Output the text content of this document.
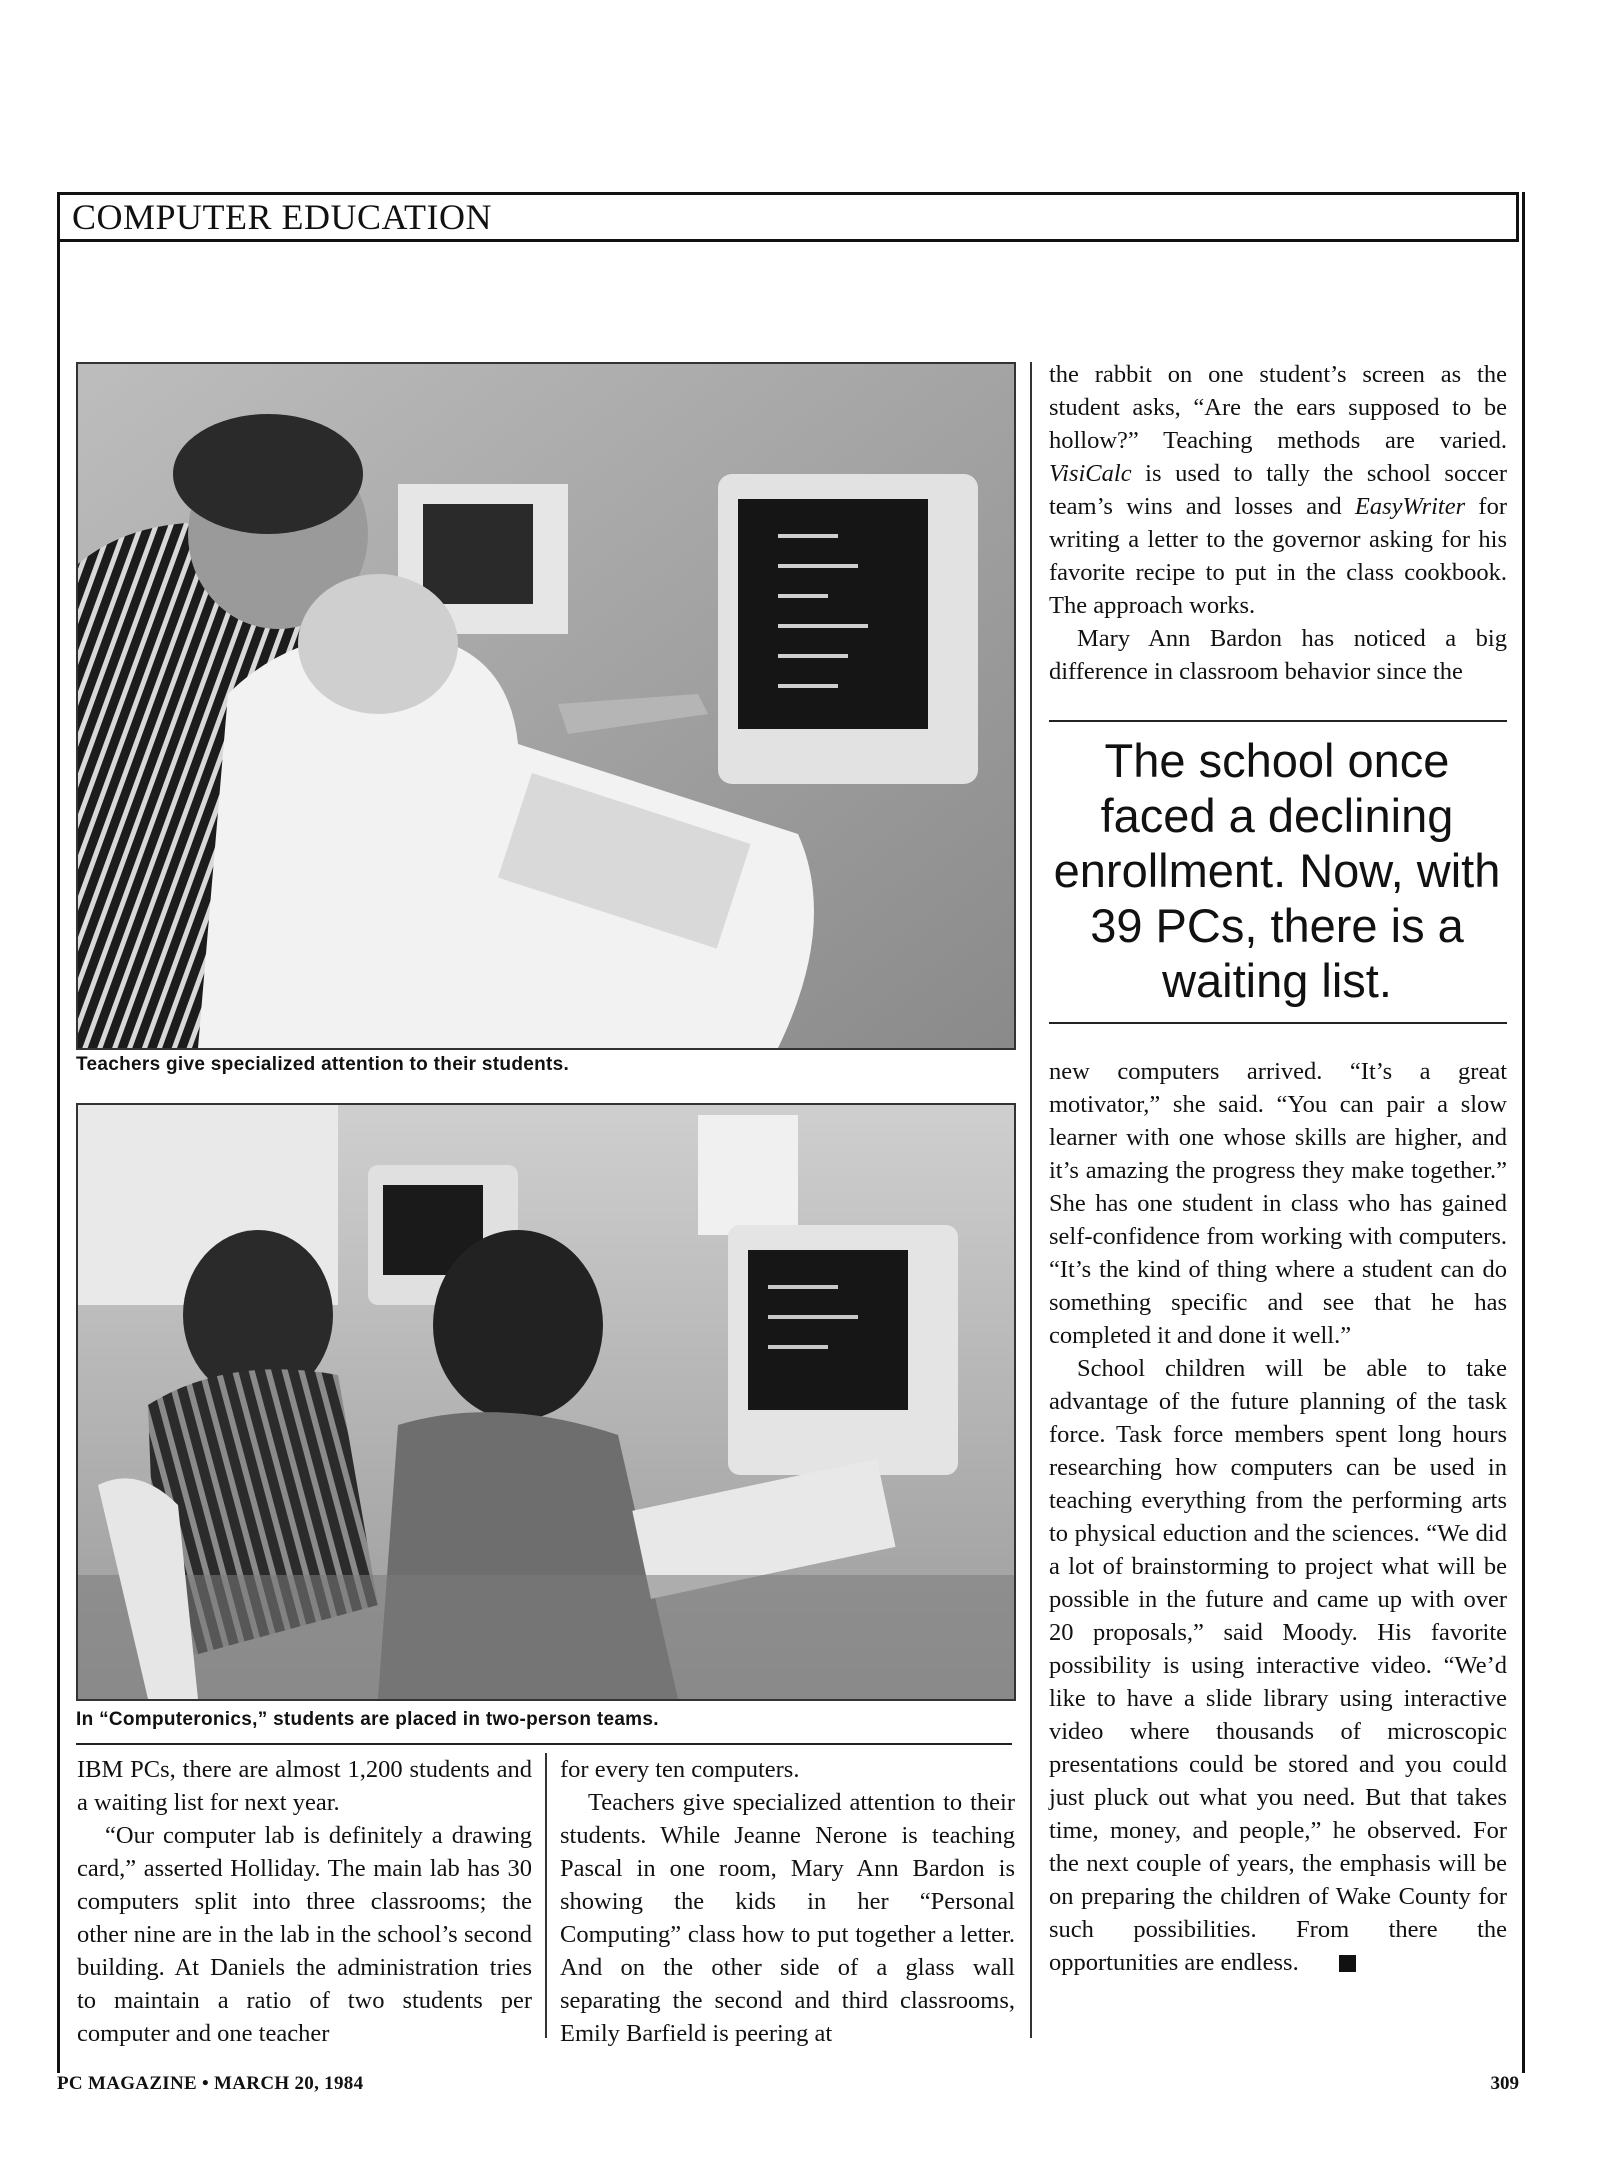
COMPUTER EDUCATION
Teachers give specialized attention to their students.
In “Computeronics,” students are placed in two-person teams.

IBM PCs, there are almost 1,200 students and a waiting list for next year.

“Our computer lab is definitely a drawing card,” asserted Holliday. The main lab has 30 computers split into three classrooms; the other nine are in the lab in the school’s second building. At Daniels the administration tries to maintain a ratio of two students per computer and one teacher

for every ten computers.

Teachers give specialized attention to their students. While Jeanne Nerone is teaching Pascal in one room, Mary Ann Bardon is showing the kids in her “Personal Computing” class how to put together a letter. And on the other side of a glass wall separating the second and third classrooms, Emily Barfield is peering at

the rabbit on one student’s screen as the student asks, “Are the ears supposed to be hollow?” Teaching methods are varied. VisiCalc is used to tally the school soccer team’s wins and losses and EasyWriter for writing a letter to the governor asking for his favorite recipe to put in the class cookbook. The approach works.

Mary Ann Bardon has noticed a big difference in classroom behavior since the

The school once faced a declining enrollment. Now, with 39 PCs, there is a waiting list.

new computers arrived. “It’s a great motivator,” she said. “You can pair a slow learner with one whose skills are higher, and it’s amazing the progress they make together.” She has one student in class who has gained self-confidence from working with computers. “It’s the kind of thing where a student can do something specific and see that he has completed it and done it well.”

School children will be able to take advantage of the future planning of the task force. Task force members spent long hours researching how computers can be used in teaching everything from the performing arts to physical eduction and the sciences. “We did a lot of brainstorming to project what will be possible in the future and came up with over 20 proposals,” said Moody. His favorite possibility is using interactive video. “We’d like to have a slide library using interactive video where thousands of microscopic presentations could be stored and you could just pluck out what you need. But that takes time, money, and people,” he observed. For the next couple of years, the emphasis will be on preparing the children of Wake County for such possibilities. From there the opportunities are endless.

PC MAGAZINE • MARCH 20, 1984	309
